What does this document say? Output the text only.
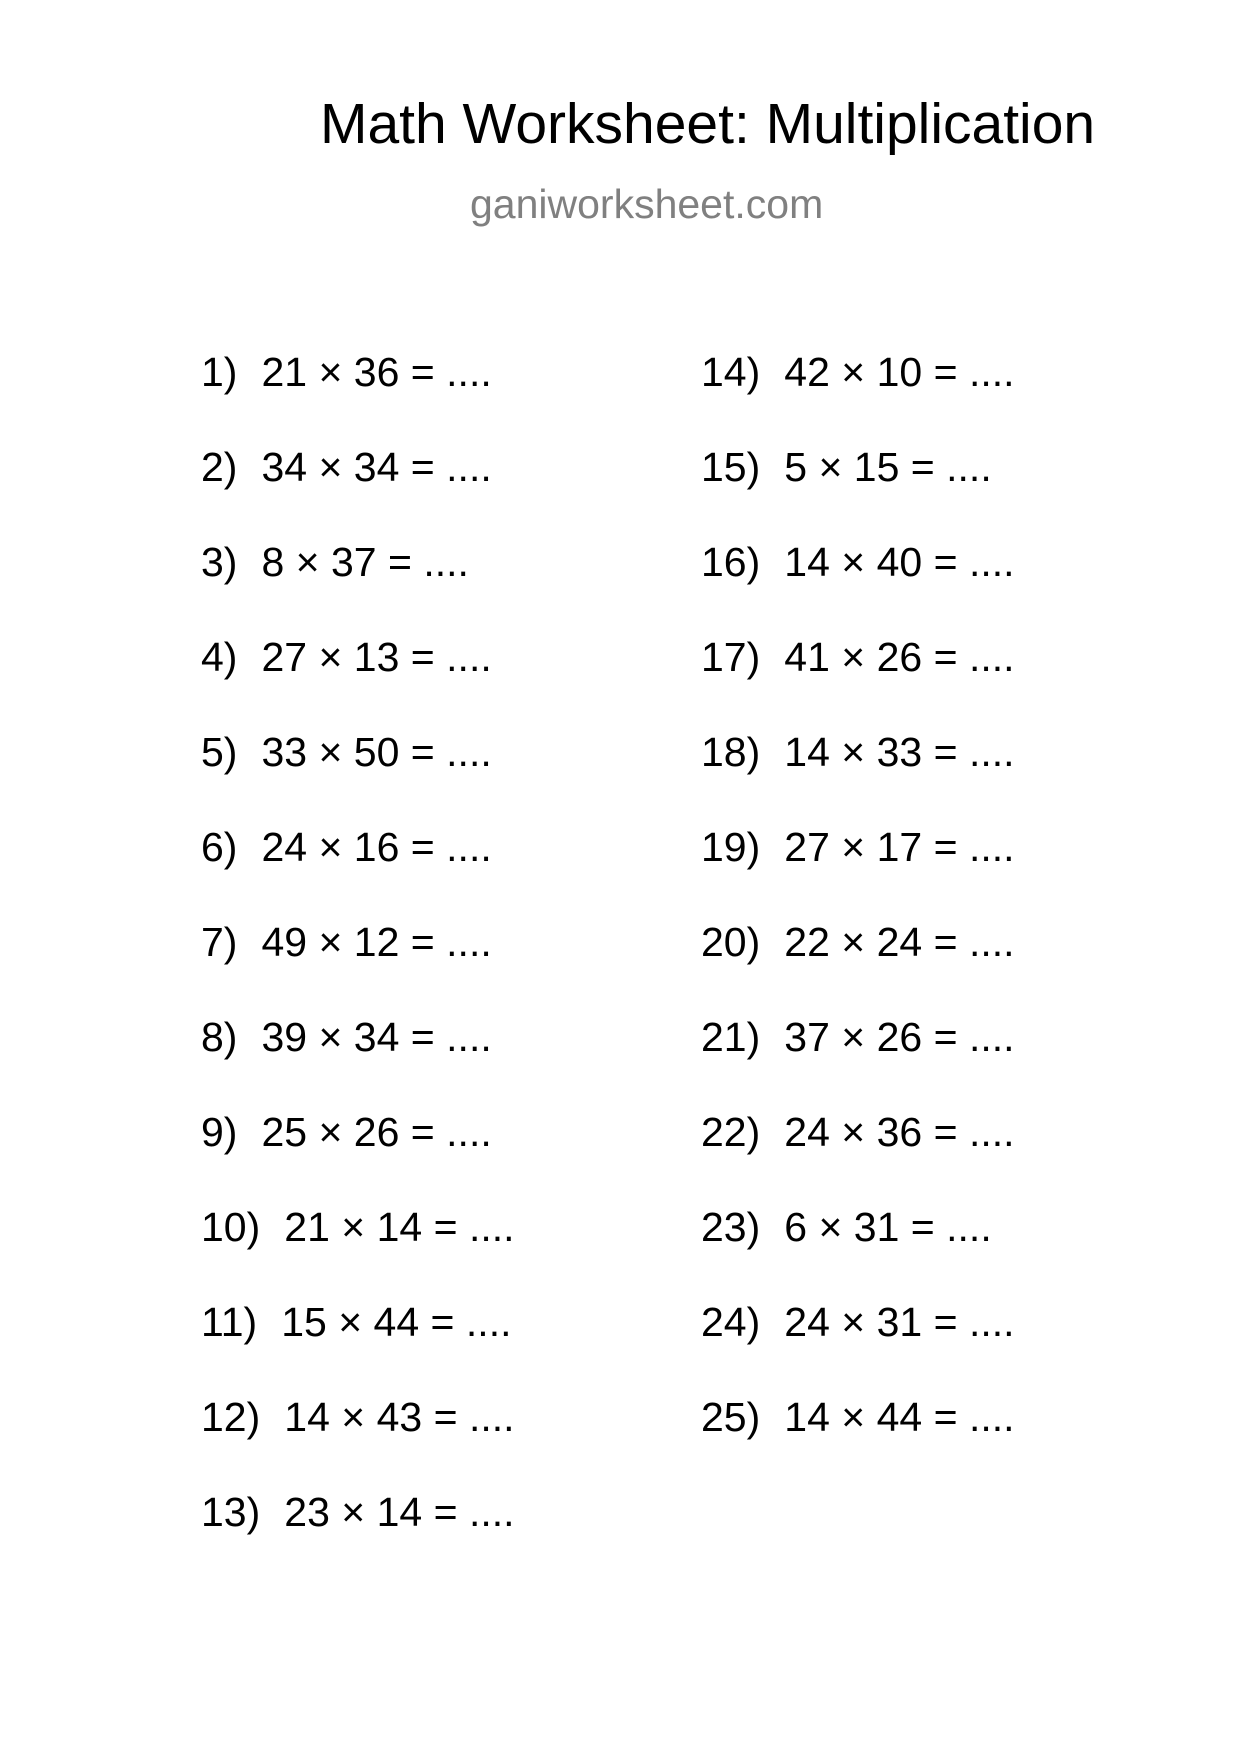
Math Worksheet: Multiplication
ganiworksheet.com
1) 21 × 36 = ....
2) 34 × 34 = ....
3) 8 × 37 = ....
4) 27 × 13 = ....
5) 33 × 50 = ....
6) 24 × 16 = ....
7) 49 × 12 = ....
8) 39 × 34 = ....
9) 25 × 26 = ....
10) 21 × 14 = ....
11) 15 × 44 = ....
12) 14 × 43 = ....
13) 23 × 14 = ....
14) 42 × 10 = ....
15) 5 × 15 = ....
16) 14 × 40 = ....
17) 41 × 26 = ....
18) 14 × 33 = ....
19) 27 × 17 = ....
20) 22 × 24 = ....
21) 37 × 26 = ....
22) 24 × 36 = ....
23) 6 × 31 = ....
24) 24 × 31 = ....
25) 14 × 44 = ....
